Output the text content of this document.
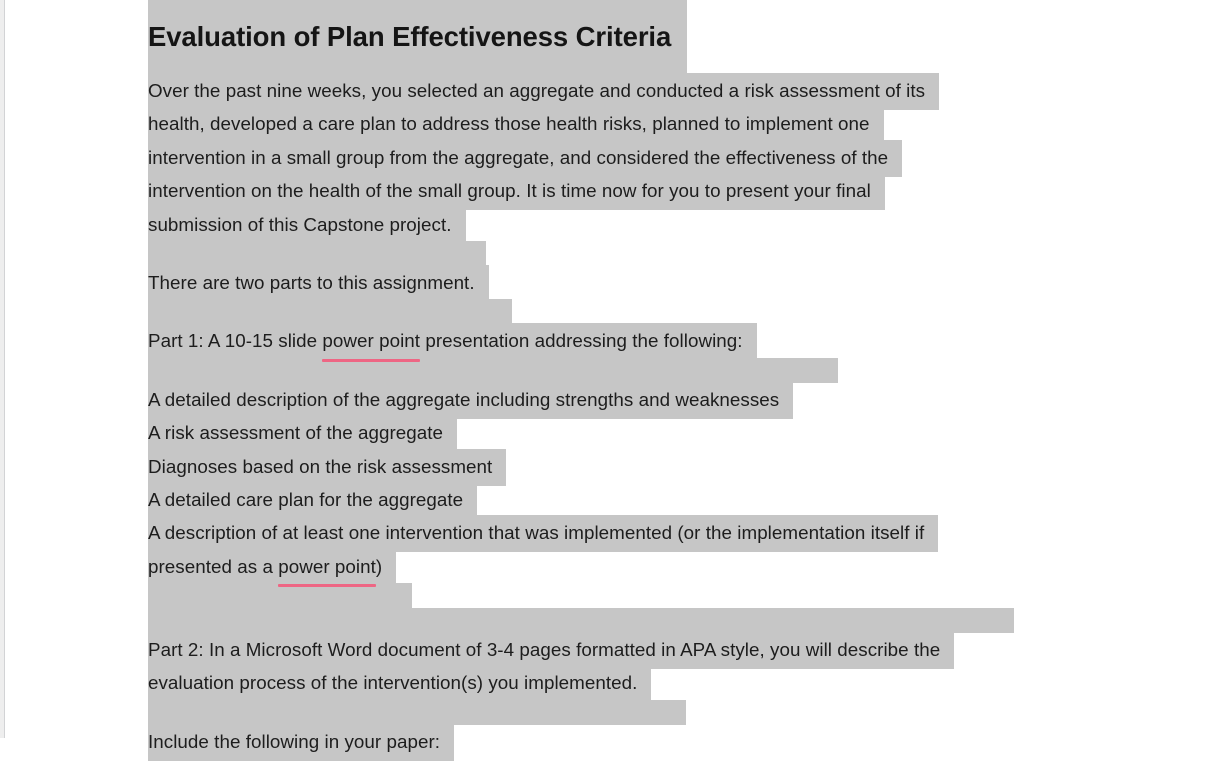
Evaluation of Plan Effectiveness Criteria
Over the past nine weeks, you selected an aggregate and conducted a risk assessment of its
health, developed a care plan to address those health risks, planned to implement one
intervention in a small group from the aggregate, and considered the effectiveness of the
intervention on the health of the small group. It is time now for you to present your final
submission of this Capstone project.
There are two parts to this assignment.
Part 1: A 10-15 slide power point presentation addressing the following:
A detailed description of the aggregate including strengths and weaknesses
A risk assessment of the aggregate
Diagnoses based on the risk assessment
A detailed care plan for the aggregate
A description of at least one intervention that was implemented (or the implementation itself if
presented as a power point)
Part 2: In a Microsoft Word document of 3-4 pages formatted in APA style, you will describe the
evaluation process of the intervention(s) you implemented.
Include the following in your paper:
